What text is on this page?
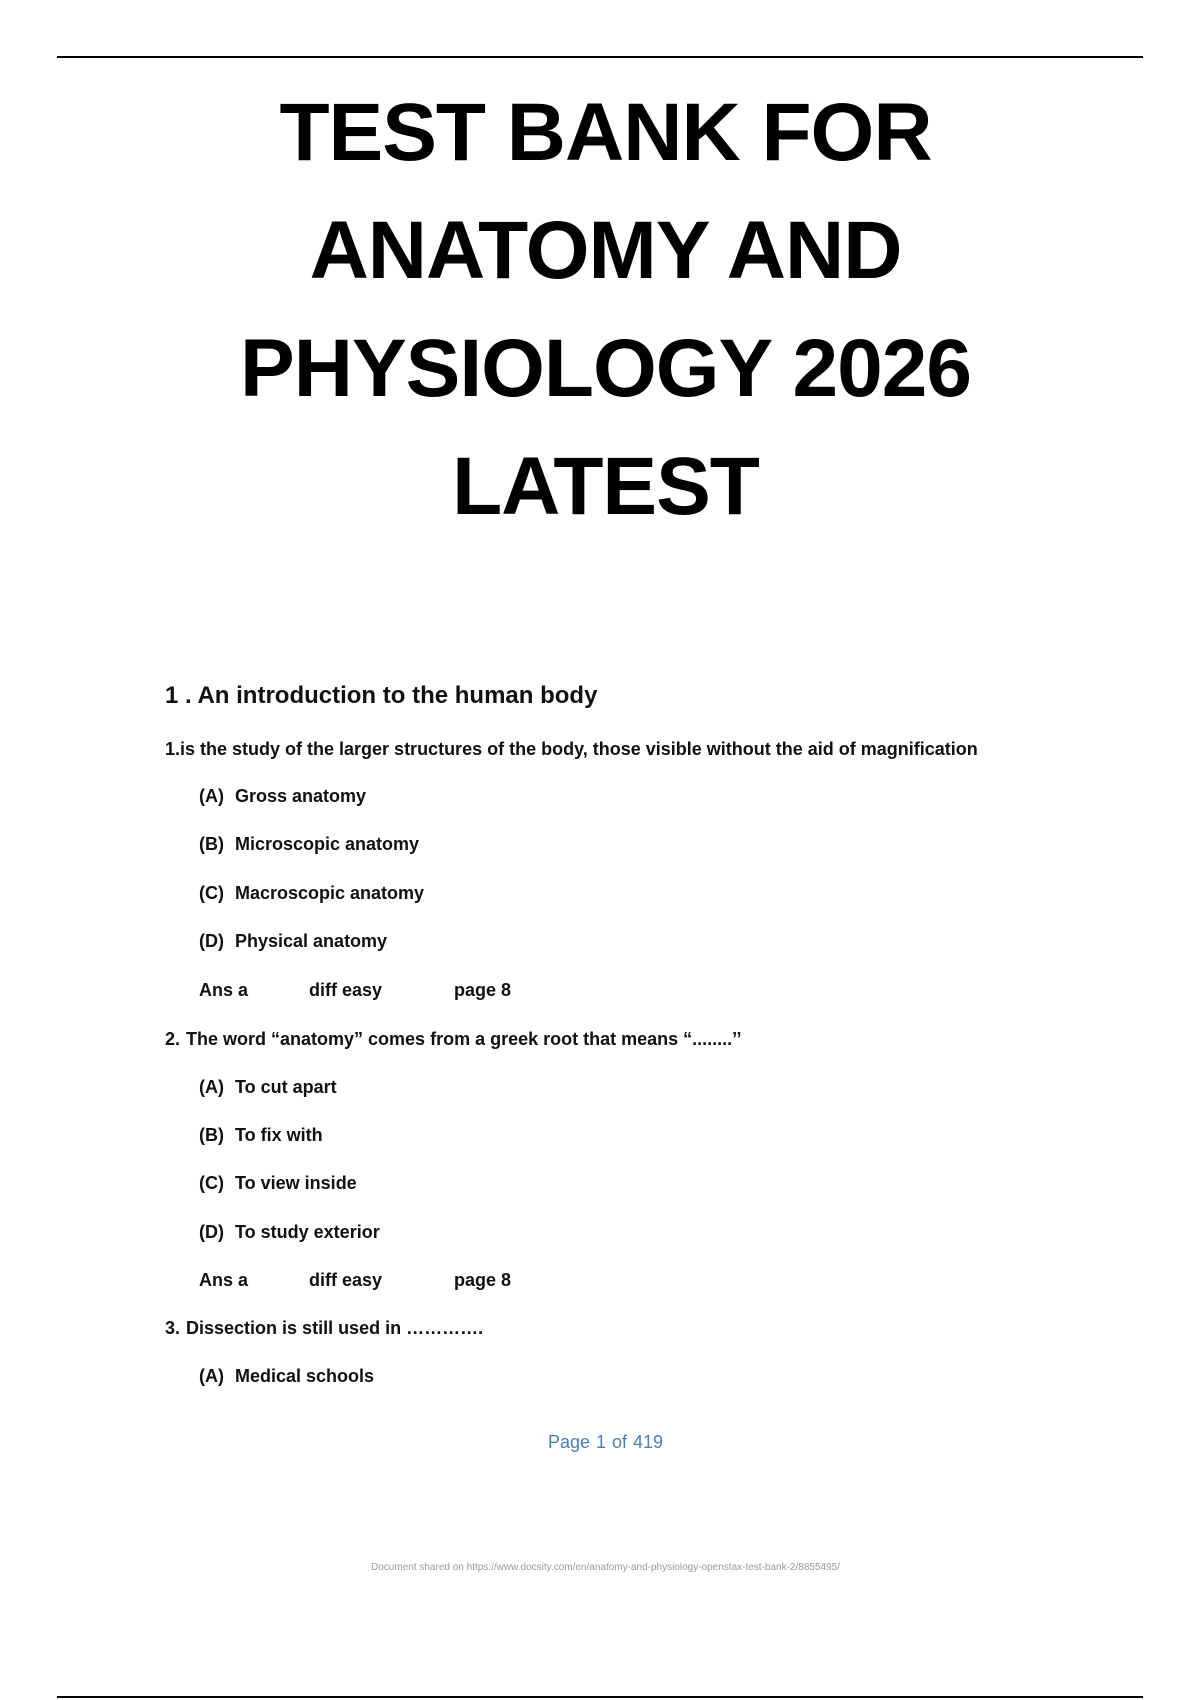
TEST BANK FOR
ANATOMY AND
PHYSIOLOGY 2026
LATEST
1 . An introduction to the human body
1.is the study of the larger structures of the body, those visible without the aid of magnification
(A) Gross anatomy
(B) Microscopic anatomy
(C) Macroscopic anatomy
(D) Physical anatomy
Ans a	diff easy	page 8
2. The word “anatomy” comes from a greek root that means “........’’
(A) To cut apart
(B) To fix with
(C) To view inside
(D) To study exterior
Ans a	diff easy	page 8
3. Dissection is still used in ………….
(A) Medical schools
Page 1 of 419
Document shared on https://www.docsity.com/en/anatomy-and-physiology-openstax-test-bank-2/8855495/
